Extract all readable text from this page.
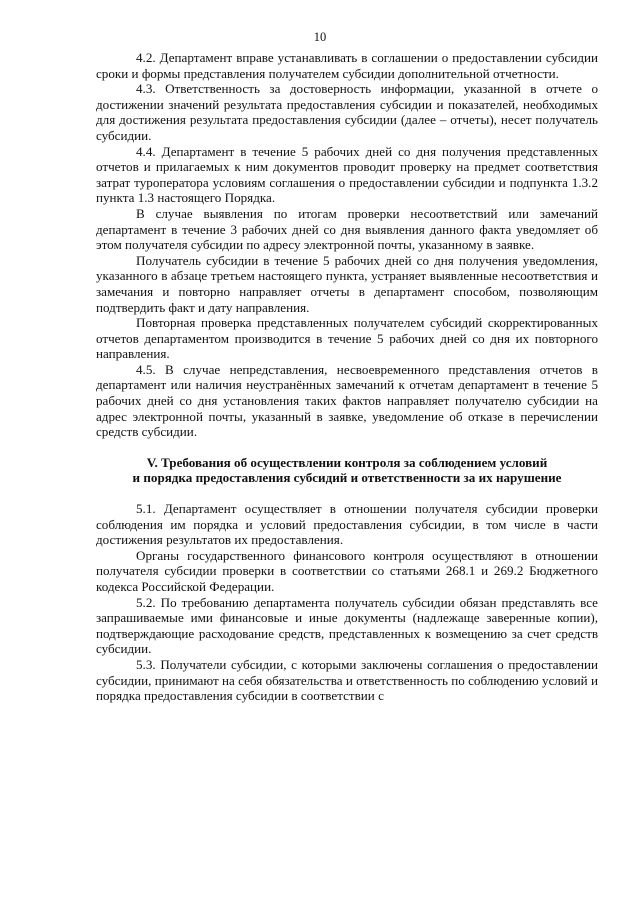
10

4.2. Департамент вправе устанавливать в соглашении о предоставлении субсидии сроки и формы представления получателем субсидии дополнительной отчетности.

4.3. Ответственность за достоверность информации, указанной в отчете о достижении значений результата предоставления субсидии и показателей, необходимых для достижения результата предоставления субсидии (далее – отчеты), несет получатель субсидии.

4.4. Департамент в течение 5 рабочих дней со дня получения представленных отчетов и прилагаемых к ним документов проводит проверку на предмет соответствия затрат туроператора условиям соглашения о предоставлении субсидии и подпункта 1.3.2 пункта 1.3 настоящего Порядка.

В случае выявления по итогам проверки несоответствий или замечаний департамент в течение 3 рабочих дней со дня выявления данного факта уведомляет об этом получателя субсидии по адресу электронной почты, указанному в заявке.

Получатель субсидии в течение 5 рабочих дней со дня получения уведомления, указанного в абзаце третьем настоящего пункта, устраняет выявленные несоответствия и замечания и повторно направляет отчеты в департамент способом, позволяющим подтвердить факт и дату направления.

Повторная проверка представленных получателем субсидий скорректированных отчетов департаментом производится в течение 5 рабочих дней со дня их повторного направления.

4.5. В случае непредставления, несвоевременного представления отчетов в департамент или наличия неустранённых замечаний к отчетам департамент в течение 5 рабочих дней со дня установления таких фактов направляет получателю субсидии на адрес электронной почты, указанный в заявке, уведомление об отказе в перечислении средств субсидии.

V. Требования об осуществлении контроля за соблюдением условий
и порядка предоставления субсидий и ответственности за их нарушение

5.1. Департамент осуществляет в отношении получателя субсидии проверки соблюдения им порядка и условий предоставления субсидии, в том числе в части достижения результатов их предоставления.

Органы государственного финансового контроля осуществляют в отношении получателя субсидии проверки в соответствии со статьями 268.1 и 269.2 Бюджетного кодекса Российской Федерации.

5.2. По требованию департамента получатель субсидии обязан представлять все запрашиваемые ими финансовые и иные документы (надлежаще заверенные копии), подтверждающие расходование средств, представленных к возмещению за счет средств субсидии.

5.3. Получатели субсидии, с которыми заключены соглашения о предоставлении субсидии, принимают на себя обязательства и ответственность по соблюдению условий и порядка предоставления субсидии в соответствии с
